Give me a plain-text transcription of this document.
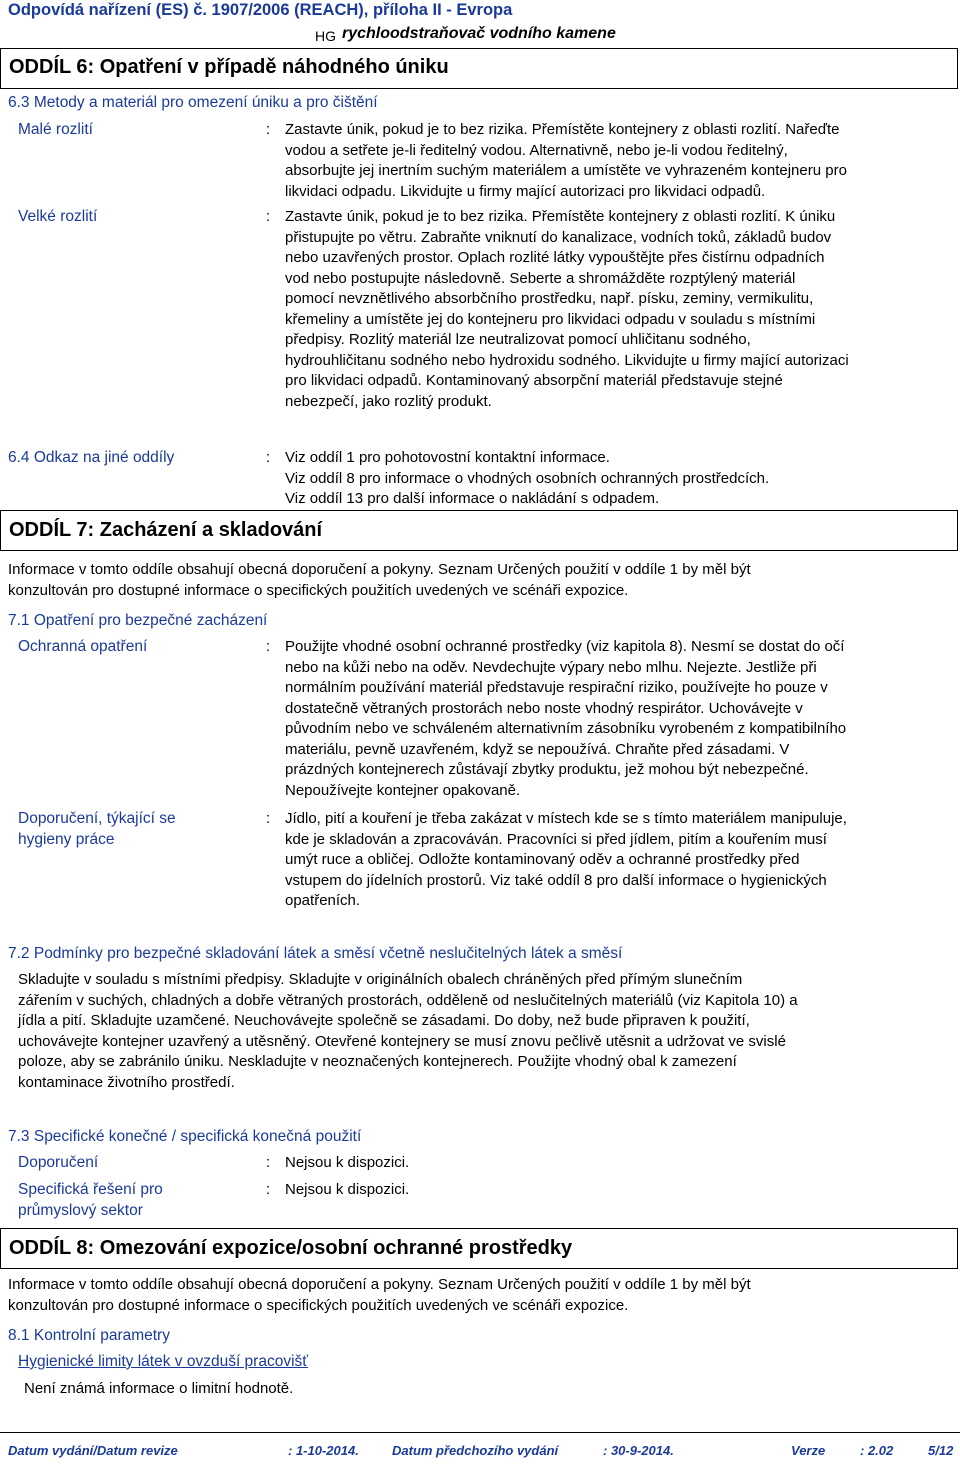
Odpovídá nařízení (ES) č. 1907/2006 (REACH), příloha II - Evropa
HG rychloodstraňovač vodního kamene
ODDÍL 6: Opatření v případě náhodného úniku
6.3 Metody a materiál pro omezení úniku a pro čištění
Malé rozlití	: Zastavte únik, pokud je to bez rizika. Přemístěte kontejnery z oblasti rozlití. Nařeďte
vodou a setřete je-li ředitelný vodou. Alternativně, nebo je-li vodou ředitelný,
absorbujte jej inertním suchým materiálem a umístěte ve vyhrazeném kontejneru pro
likvidaci odpadu. Likvidujte u firmy mající autorizaci pro likvidaci odpadů.
Velké rozlití	: Zastavte únik, pokud je to bez rizika. Přemístěte kontejnery z oblasti rozlití. K úniku
přistupujte po větru. Zabraňte vniknutí do kanalizace, vodních toků, základů budov
nebo uzavřených prostor. Oplach rozlité látky vypouštějte přes čistírnu odpadních
vod nebo postupujte následovně. Seberte a shromážděte rozptýlený materiál
pomocí nevznětlivého absorbčního prostředku, např. písku, zeminy, vermikulitu,
křemeliny a umístěte jej do kontejneru pro likvidaci odpadu v souladu s místními
předpisy. Rozlitý materiál lze neutralizovat pomocí uhličitanu sodného,
hydrouhličitanu sodného nebo hydroxidu sodného. Likvidujte u firmy mající autorizaci
pro likvidaci odpadů. Kontaminovaný absorpční materiál představuje stejné
nebezpečí, jako rozlitý produkt.
6.4 Odkaz na jiné oddíly	: Viz oddíl 1 pro pohotovostní kontaktní informace.
Viz oddíl 8 pro informace o vhodných osobních ochranných prostředcích.
Viz oddíl 13 pro další informace o nakládání s odpadem.
ODDÍL 7: Zacházení a skladování
Informace v tomto oddíle obsahují obecná doporučení a pokyny. Seznam Určených použití v oddíle 1 by měl být
konzultován pro dostupné informace o specifických použitích uvedených ve scénáři expozice.
7.1 Opatření pro bezpečné zacházení
Ochranná opatření	: Použijte vhodné osobní ochranné prostředky (viz kapitola 8). Nesmí se dostat do očí
nebo na kůži nebo na oděv. Nevdechujte výpary nebo mlhu. Nejezte. Jestliže při
normálním používání materiál představuje respirační riziko, používejte ho pouze v
dostatečně větraných prostorách nebo noste vhodný respirátor. Uchovávejte v
původním nebo ve schváleném alternativním zásobníku vyrobeném z kompatibilního
materiálu, pevně uzavřeném, když se nepoužívá. Chraňte před zásadami. V
prázdných kontejnerech zůstávají zbytky produktu, jež mohou být nebezpečné.
Nepoužívejte kontejner opakovaně.
Doporučení, týkající se
hygieny práce
: Jídlo, pití a kouření je třeba zakázat v místech kde se s tímto materiálem manipuluje,
kde je skladován a zpracováván. Pracovníci si před jídlem, pitím a kouřením musí
umýt ruce a obličej. Odložte kontaminovaný oděv a ochranné prostředky před
vstupem do jídelních prostorů. Viz také oddíl 8 pro další informace o hygienických
opatřeních.
7.2 Podmínky pro bezpečné skladování látek a směsí včetně neslučitelných látek a směsí
Skladujte v souladu s místními předpisy. Skladujte v originálních obalech chráněných před přímým slunečním
zářením v suchých, chladných a dobře větraných prostorách, odděleně od neslučitelných materiálů (viz Kapitola 10) a
jídla a pití. Skladujte uzamčené. Neuchovávejte společně se zásadami. Do doby, než bude připraven k použití,
uchovávejte kontejner uzavřený a utěsněný. Otevřené kontejnery se musí znovu pečlivě utěsnit a udržovat ve svislé
poloze, aby se zabránilo úniku. Neskladujte v neoznačených kontejnerech. Použijte vhodný obal k zamezení
kontaminace životního prostředí.
7.3 Specifické konečné / specifická konečná použití
Doporučení	: Nejsou k dispozici.
Specifická řešení pro
průmyslový sektor
: Nejsou k dispozici.
ODDÍL 8: Omezování expozice/osobní ochranné prostředky
Informace v tomto oddíle obsahují obecná doporučení a pokyny. Seznam Určených použití v oddíle 1 by měl být
konzultován pro dostupné informace o specifických použitích uvedených ve scénáři expozice.
8.1 Kontrolní parametry
Hygienické limity látek v ovzduší pracovišť
Není známá informace o limitní hodnotě.
Datum vydání/Datum revize	: 1-10-2014.	Datum předchozího vydání	: 30-9-2014.	Verze	: 2.02	5/12
